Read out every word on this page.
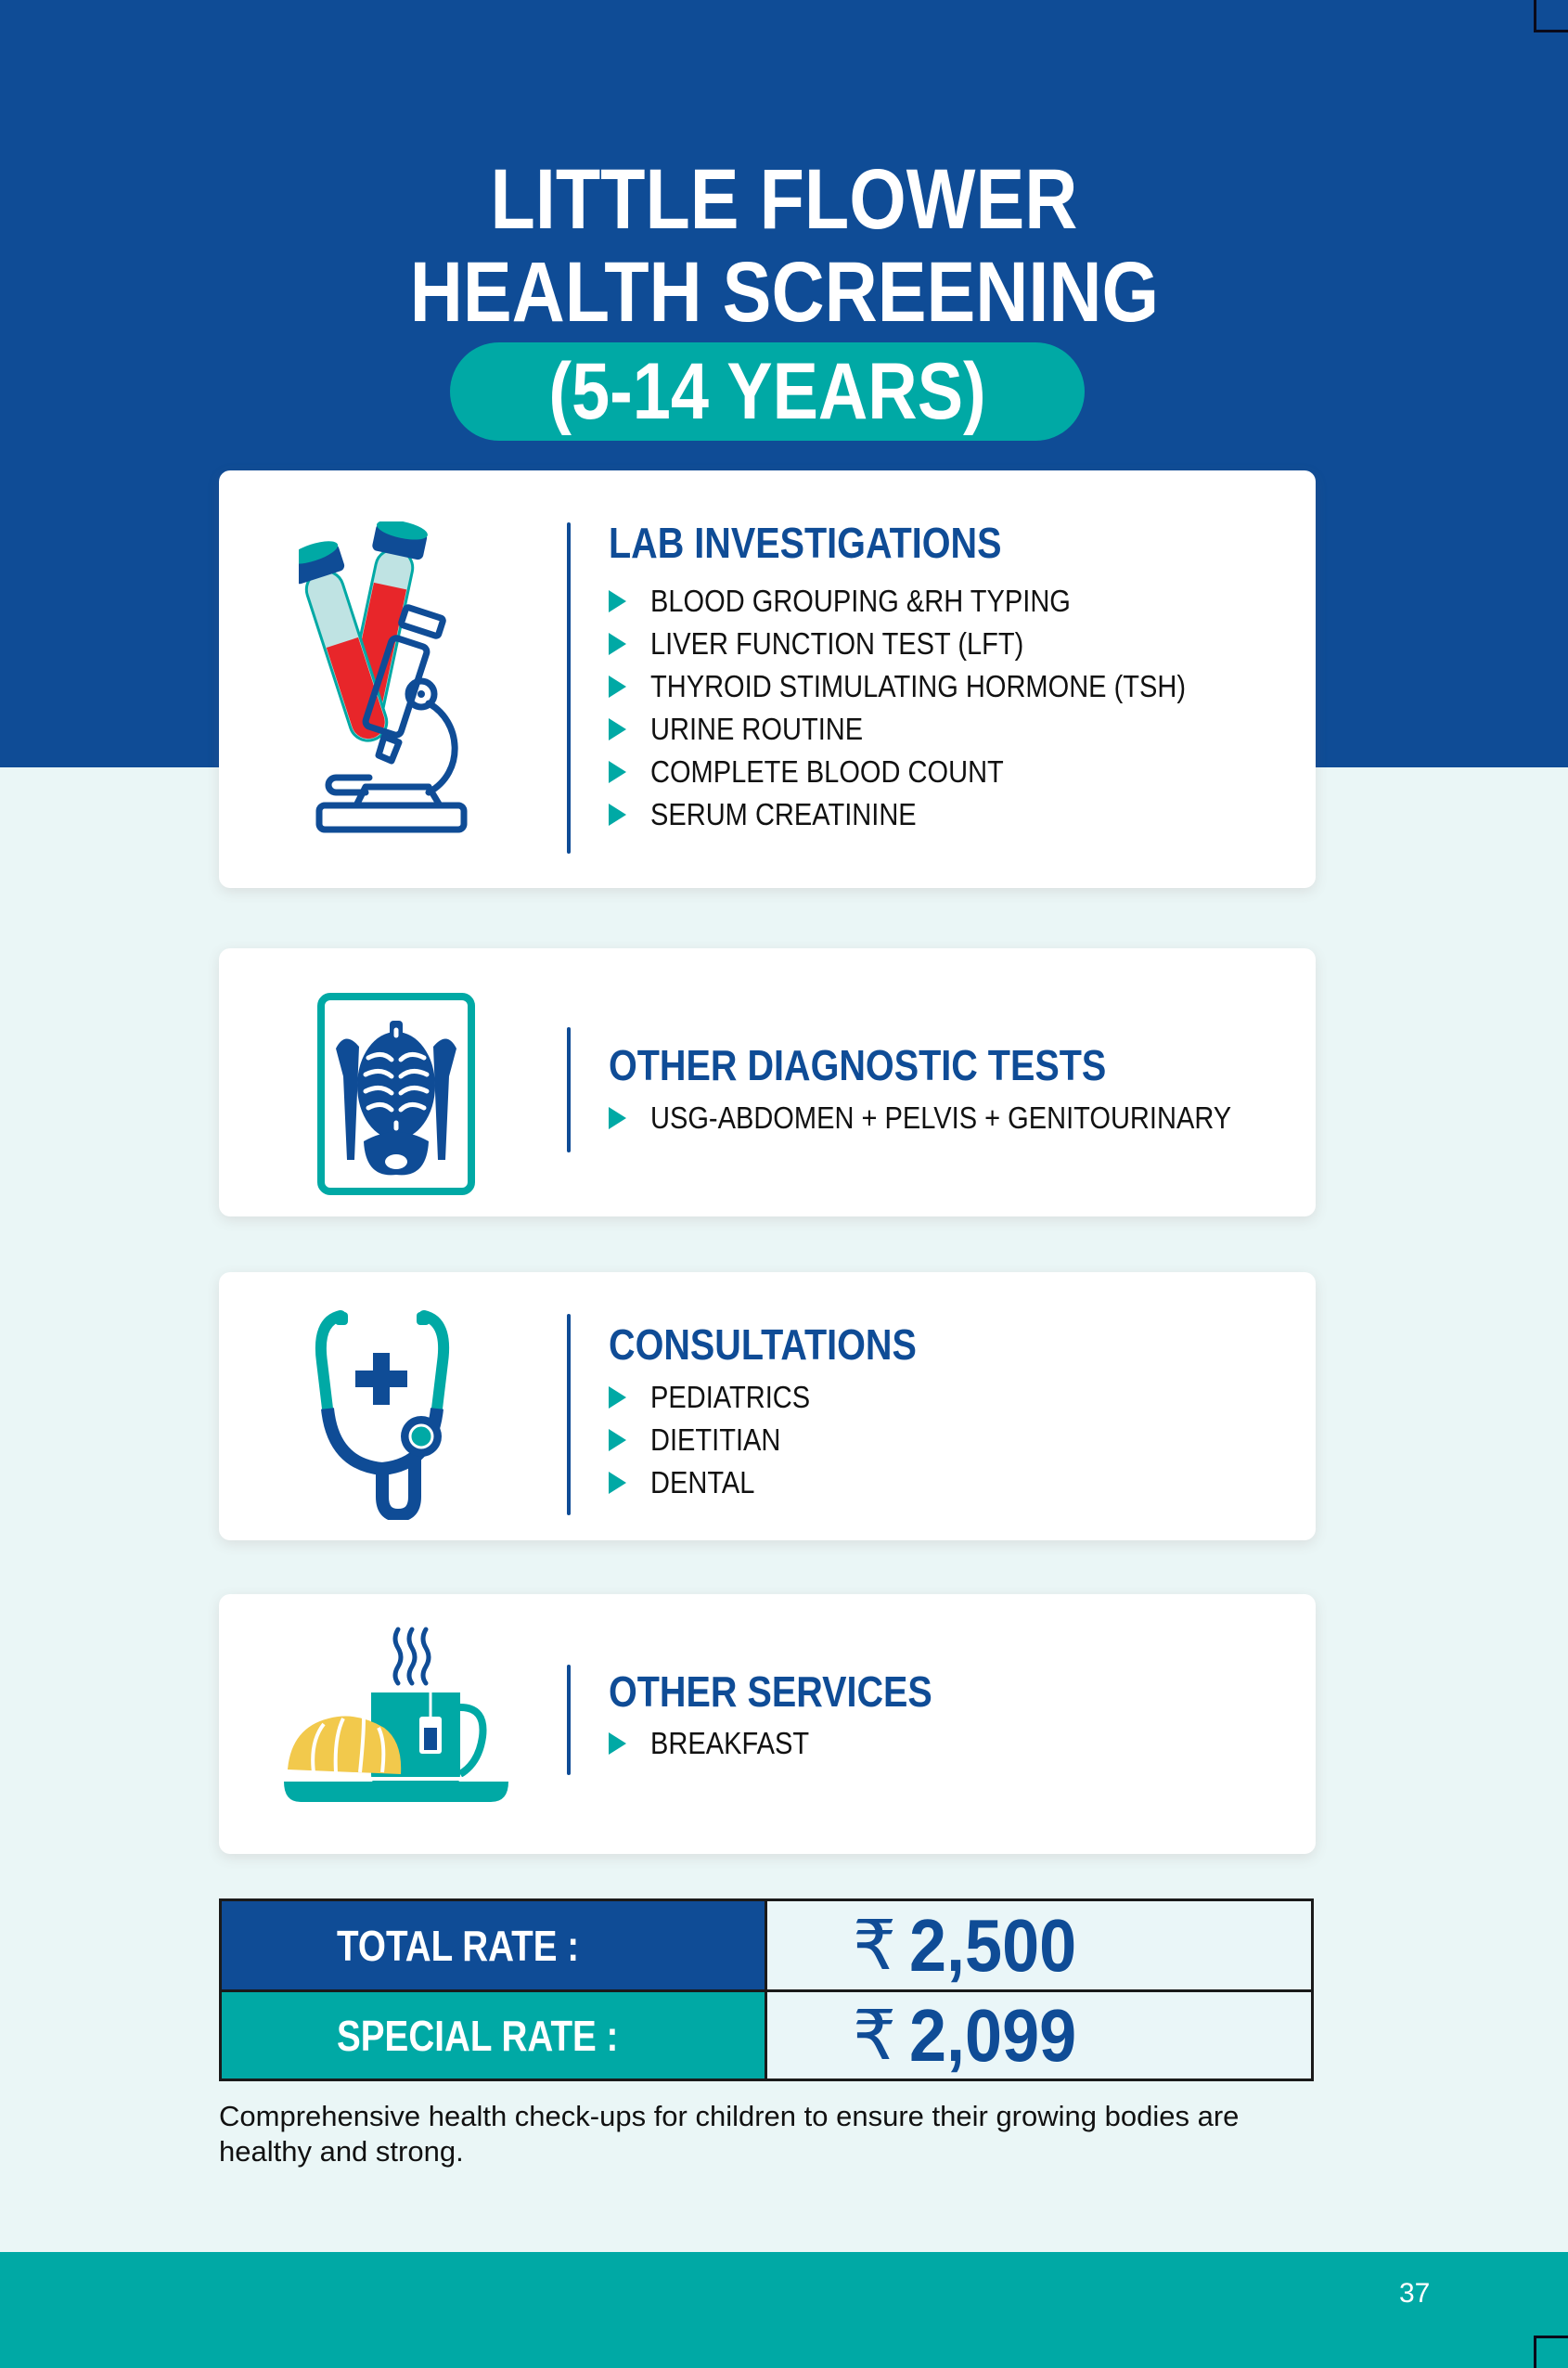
LITTLE FLOWER
HEALTH SCREENING
(5-14 YEARS)
LAB INVESTIGATIONS
BLOOD GROUPING &RH TYPING
LIVER FUNCTION TEST (LFT)
THYROID STIMULATING HORMONE (TSH)
URINE ROUTINE
COMPLETE BLOOD COUNT
SERUM CREATININE
OTHER DIAGNOSTIC TESTS
USG-ABDOMEN + PELVIS + GENITOURINARY
CONSULTATIONS
PEDIATRICS
DIETITIAN
DENTAL
OTHER SERVICES
BREAKFAST
TOTAL RATE :	₹ 2,500
SPECIAL RATE :	₹ 2,099

Comprehensive health check-ups for children to ensure their growing bodies are healthy and strong.

37
